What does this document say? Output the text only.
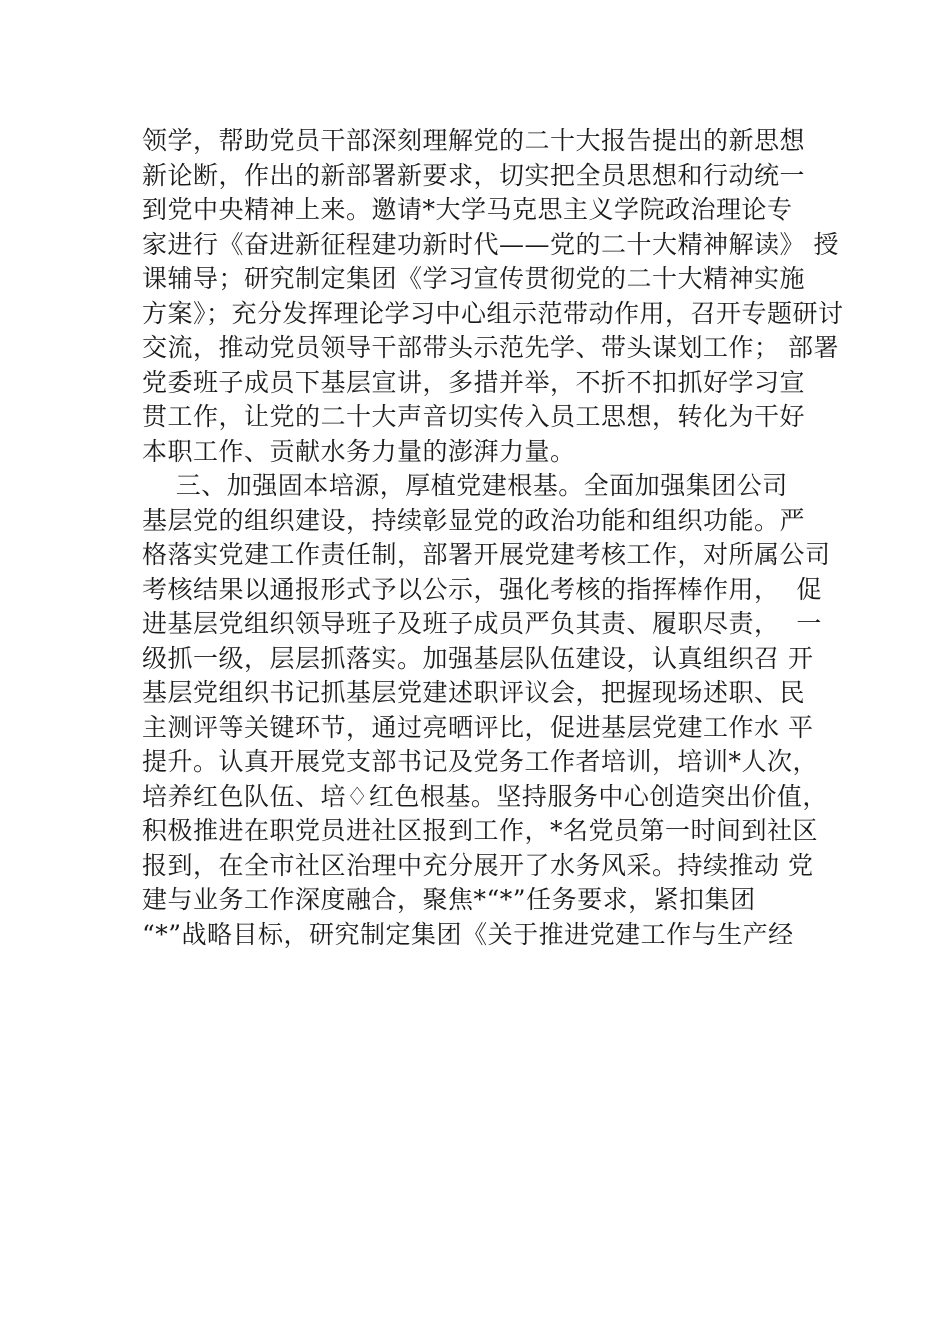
领学，帮助党员干部深刻理解党的二十大报告提出的新思想
新论断，作出的新部署新要求，切实把全员思想和行动统一
到党中央精神上来。邀请*大学马克思主义学院政治理论专
家进行《奋进新征程建功新时代——党的二十大精神解读》 授
课辅导；研究制定集团《学习宣传贯彻党的二十大精神实施
方案》；充分发挥理论学习中心组示范带动作用，召开专题研讨
交流，推动党员领导干部带头示范先学、带头谋划工作； 部署
党委班子成员下基层宣讲，多措并举，不折不扣抓好学习宣
贯工作，让党的二十大声音切实传入员工思想，转化为干好
本职工作、贡献水务力量的澎湃力量。
三、加强固本培源，厚植党建根基。全面加强集团公司
基层党的组织建设，持续彰显党的政治功能和组织功能。严
格落实党建工作责任制，部署开展党建考核工作，对所属公司
考核结果以通报形式予以公示，强化考核的指挥棒作用，  促
进基层党组织领导班子及班子成员严负其责、履职尽责，  一
级抓一级，层层抓落实。加强基层队伍建设，认真组织召 开
基层党组织书记抓基层党建述职评议会，把握现场述职、民
主测评等关键环节，通过亮晒评比，促进基层党建工作水 平
提升。认真开展党支部书记及党务工作者培训，培训*人次，
培养红色队伍、培♢红色根基。坚持服务中心创造突出价值，
积极推进在职党员进社区报到工作，*名党员第一时间到社区
报到，在全市社区治理中充分展开了水务风采。持续推动 党
建与业务工作深度融合，聚焦*“*”任务要求，紧扣集团
“*”战略目标，研究制定集团《关于推进党建工作与生产经
